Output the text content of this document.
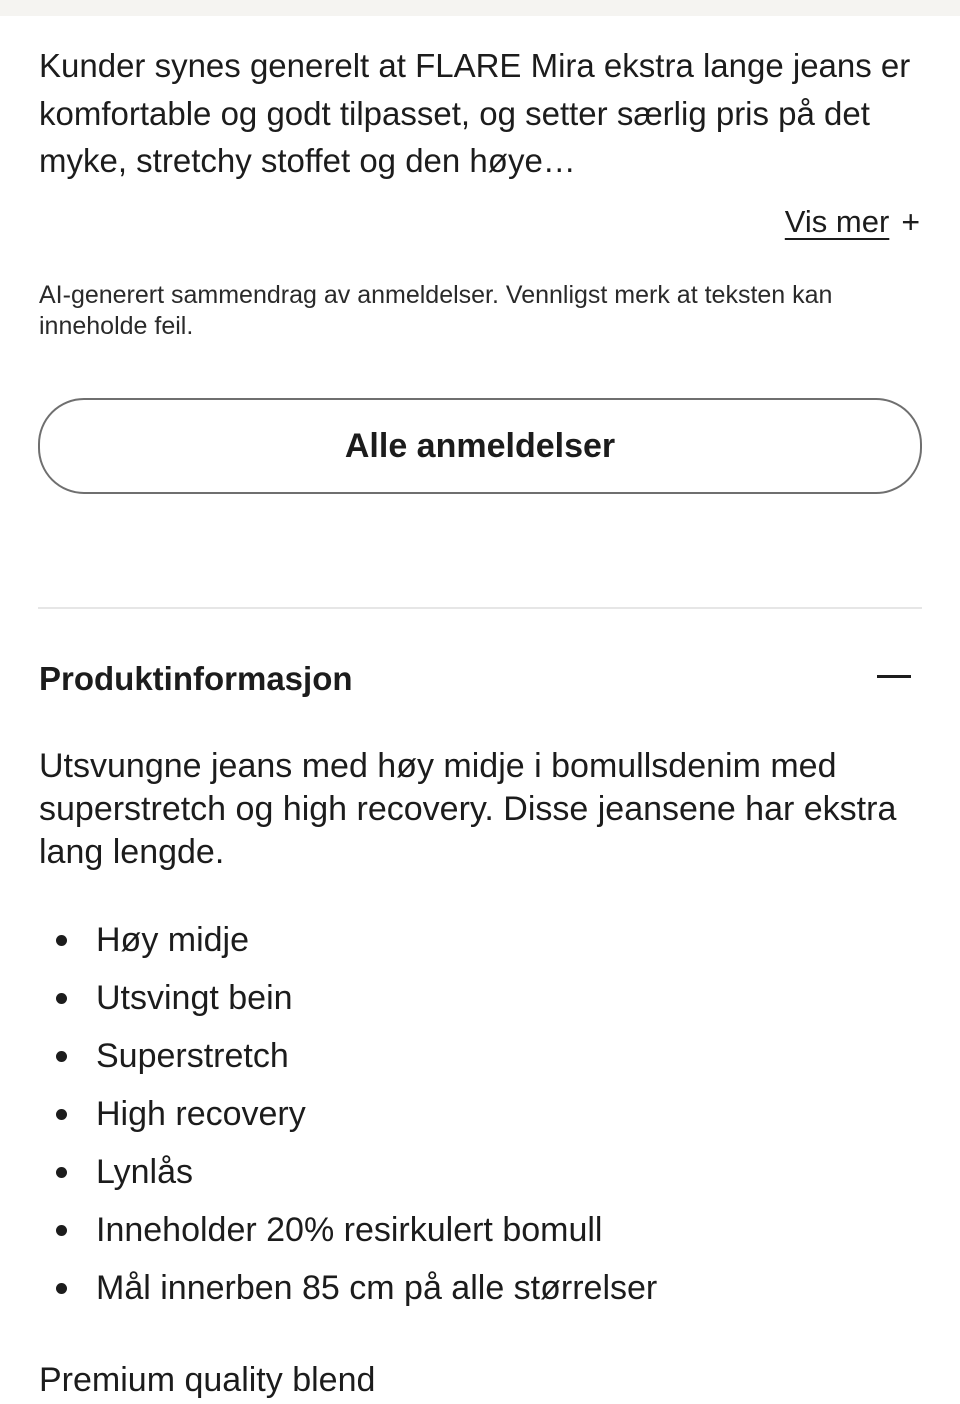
Kunder synes generelt at FLARE Mira ekstra lange jeans er komfortable og godt tilpasset, og setter særlig pris på det myke, stretchy stoffet og den høye…
Vis mer +
AI-generert sammendrag av anmeldelser. Vennligst merk at teksten kan inneholde feil.
Alle anmeldelser
Produktinformasjon
Utsvungne jeans med høy midje i bomullsdenim med superstretch og high recovery. Disse jeansene har ekstra lang lengde.
Høy midje
Utsvingt bein
Superstretch
High recovery
Lynlås
Inneholder 20% resirkulert bomull
Mål innerben 85 cm på alle størrelser
Premium quality blend
